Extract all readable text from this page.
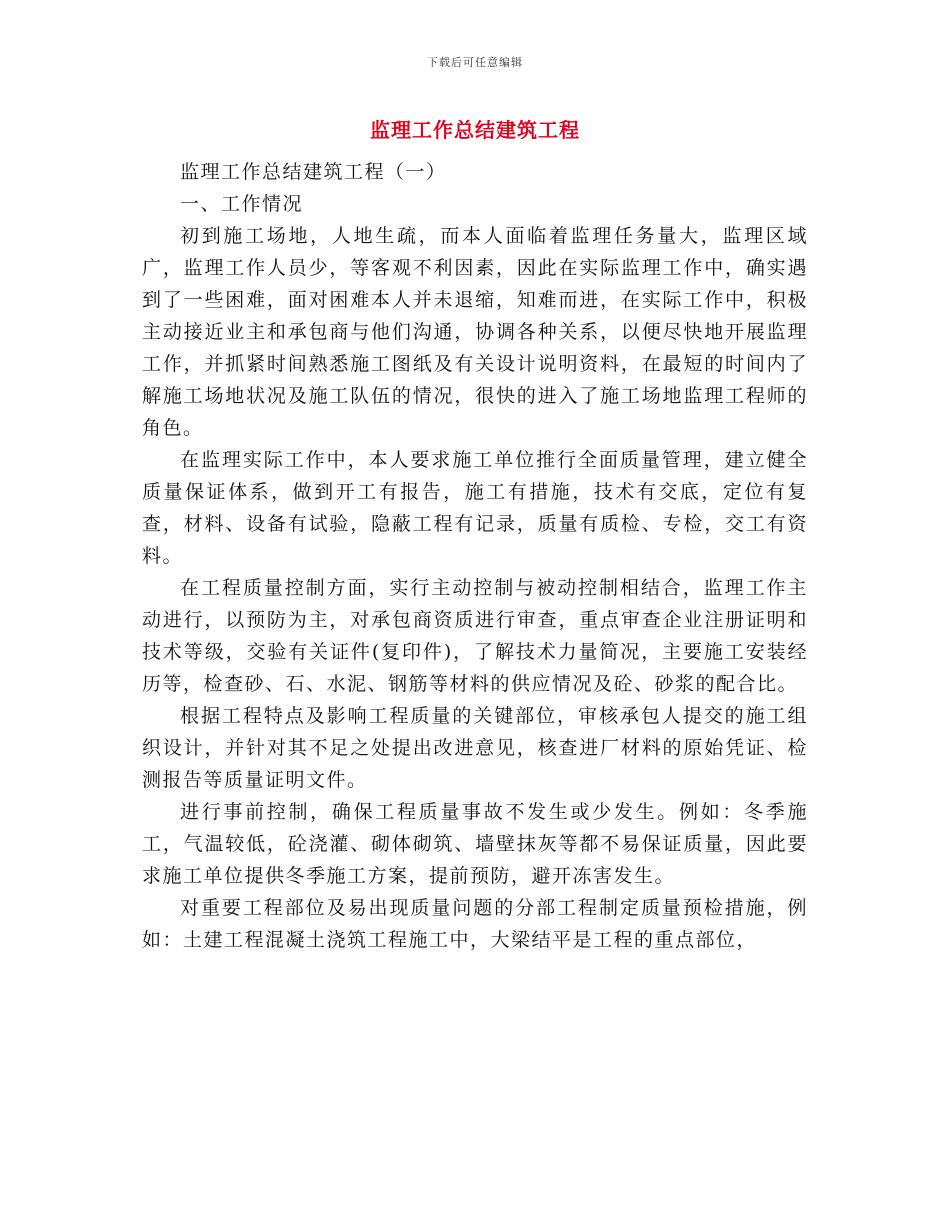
下载后可任意编辑
监理工作总结建筑工程

监理工作总结建筑工程（一）

一、工作情况

初到施工场地，人地生疏，而本人面临着监理任务量大，监理区域广，监理工作人员少，等客观不利因素，因此在实际监理工作中，确实遇到了一些困难，面对困难本人并未退缩，知难而进，在实际工作中，积极主动接近业主和承包商与他们沟通，协调各种关系，以便尽快地开展监理工作，并抓紧时间熟悉施工图纸及有关设计说明资料，在最短的时间内了解施工场地状况及施工队伍的情况，很快的进入了施工场地监理工程师的角色。

在监理实际工作中，本人要求施工单位推行全面质量管理，建立健全质量保证体系，做到开工有报告，施工有措施，技术有交底，定位有复查，材料、设备有试验，隐蔽工程有记录，质量有质检、专检，交工有资料。

在工程质量控制方面，实行主动控制与被动控制相结合，监理工作主动进行，以预防为主，对承包商资质进行审查，重点审查企业注册证明和技术等级，交验有关证件(复印件)，了解技术力量简况，主要施工安装经历等，检查砂、石、水泥、钢筋等材料的供应情况及砼、砂浆的配合比。

根据工程特点及影响工程质量的关键部位，审核承包人提交的施工组织设计，并针对其不足之处提出改进意见，核查进厂材料的原始凭证、检测报告等质量证明文件。

进行事前控制，确保工程质量事故不发生或少发生。例如：冬季施工，气温较低，砼浇灌、砌体砌筑、墙壁抹灰等都不易保证质量，因此要求施工单位提供冬季施工方案，提前预防，避开冻害发生。

对重要工程部位及易出现质量问题的分部工程制定质量预检措施，例如：土建工程混凝土浇筑工程施工中，大梁结平是工程的重点部位，
